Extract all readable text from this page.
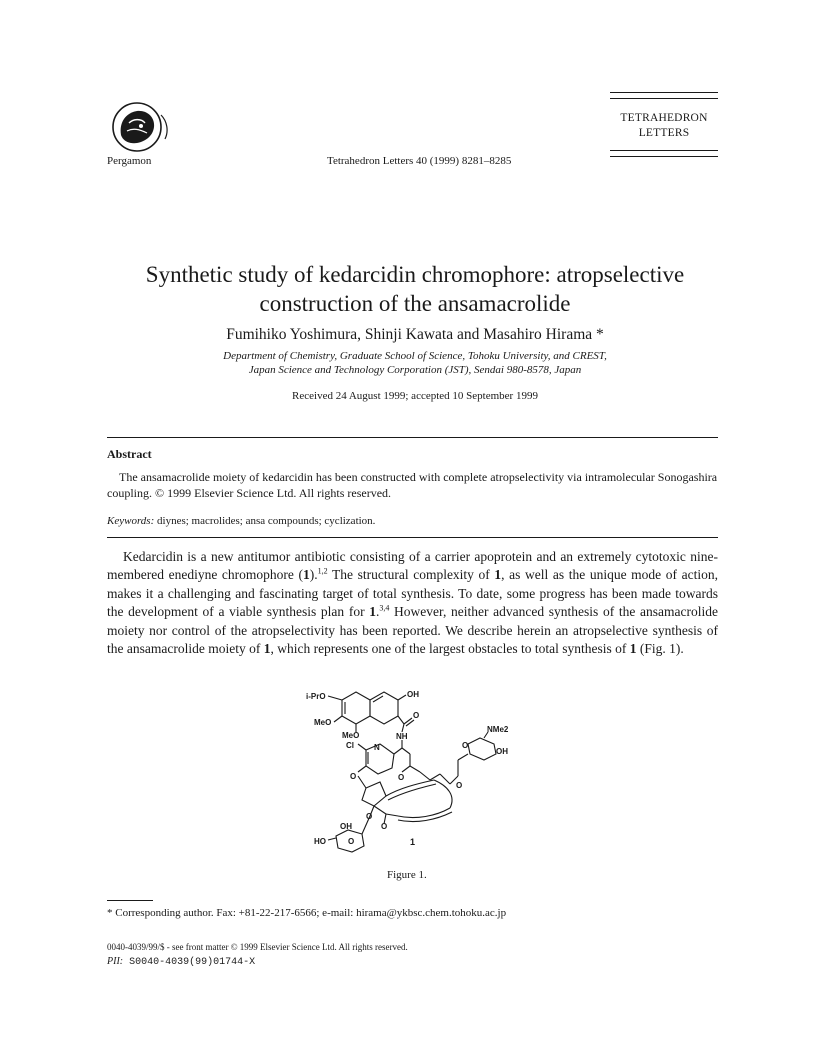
Pergamon	Tetrahedron Letters 40 (1999) 8281–8285
TETRAHEDRON
LETTERS
Synthetic study of kedarcidin chromophore: atropselective construction of the ansamacrolide
Fumihiko Yoshimura, Shinji Kawata and Masahiro Hirama *
Department of Chemistry, Graduate School of Science, Tohoku University, and CREST,
Japan Science and Technology Corporation (JST), Sendai 980-8578, Japan
Received 24 August 1999; accepted 10 September 1999
Abstract
The ansamacrolide moiety of kedarcidin has been constructed with complete atropselectivity via intramolecular Sonogashira coupling. © 1999 Elsevier Science Ltd. All rights reserved.
Keywords: diynes; macrolides; ansa compounds; cyclization.
Kedarcidin is a new antitumor antibiotic consisting of a carrier apoprotein and an extremely cytotoxic nine-membered enediyne chromophore (1).$^{1,2}$ The structural complexity of 1, as well as the unique mode of action, makes it a challenging and fascinating target of total synthesis. To date, some progress has been made towards the development of a viable synthesis plan for 1.$^{3,4}$ However, neither advanced synthesis of the ansamacrolide moiety nor control of the atropselectivity has been reported. We describe herein an atropselective synthesis of the ansamacrolide moiety of 1, which represents one of the largest obstacles to total synthesis of 1 (Fig. 1).
i-PrO	OH
O
MeO
MeO	NH
NMe2
Cl	N	O
OH
O	O
O
O
O
OH
HO	O	1
Figure 1.
* Corresponding author. Fax: +81-22-217-6566; e-mail: hirama@ykbsc.chem.tohoku.ac.jp
0040-4039/99/$ - see front matter © 1999 Elsevier Science Ltd. All rights reserved.
PII: S0040-4039(99)01744-X
